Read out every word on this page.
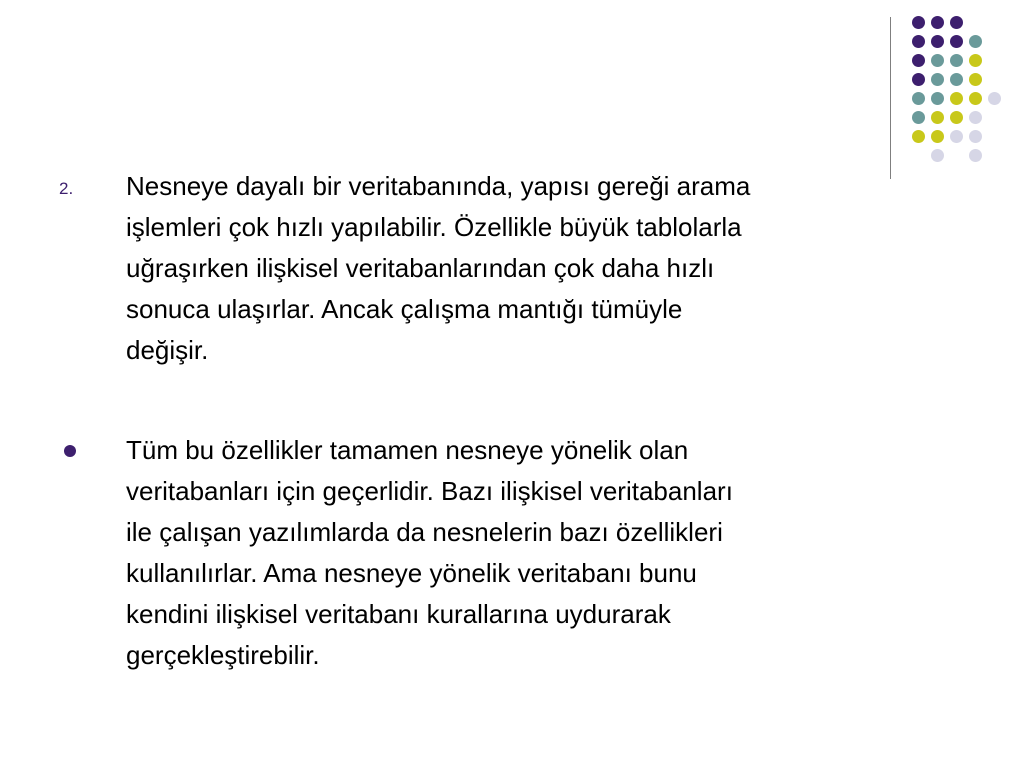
2. Nesneye dayalı bir veritabanında, yapısı gereği arama
işlemleri çok hızlı yapılabilir. Özellikle büyük tablolarla
uğraşırken ilişkisel veritabanlarından çok daha hızlı
sonuca ulaşırlar. Ancak çalışma mantığı tümüyle
değişir.
Tüm bu özellikler tamamen nesneye yönelik olan
veritabanları için geçerlidir. Bazı ilişkisel veritabanları
ile çalışan yazılımlarda da nesnelerin bazı özellikleri
kullanılırlar. Ama nesneye yönelik veritabanı bunu
kendini ilişkisel veritabanı kurallarına uydurarak
gerçekleştirebilir.
